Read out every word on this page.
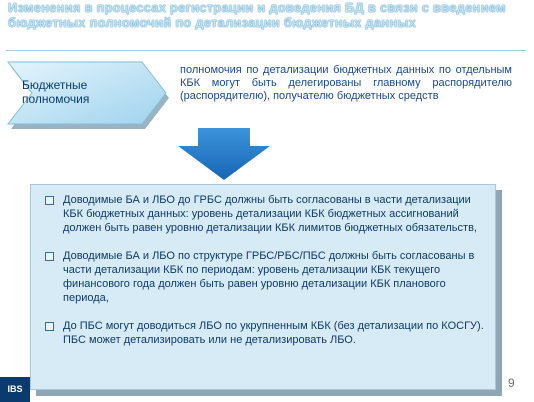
Изменения в процессах регистрации и доведения БД в связи с введением бюджетных полномочий по детализации бюджетных данных
Бюджетные полномочия
полномочия по детализации бюджетных данных по отдельным КБК могут быть делегированы главному распорядителю (распорядителю), получателю бюджетных средств
Доводимые БА и ЛБО до ГРБС должны быть согласованы в части детализации КБК бюджетных данных: уровень детализации КБК бюджетных ассигнований должен быть равен уровню детализации КБК лимитов бюджетных обязательств,
Доводимые БА и ЛБО по структуре ГРБС/РБС/ПБС должны быть согласованы в части детализации КБК по периодам: уровень детализации КБК текущего финансового года должен быть равен уровню детализации КБК планового периода,
До ПБС могут доводиться ЛБО по укрупненным КБК (без детализации по КОСГУ). ПБС может детализировать или не детализировать ЛБО.
IBS	9
